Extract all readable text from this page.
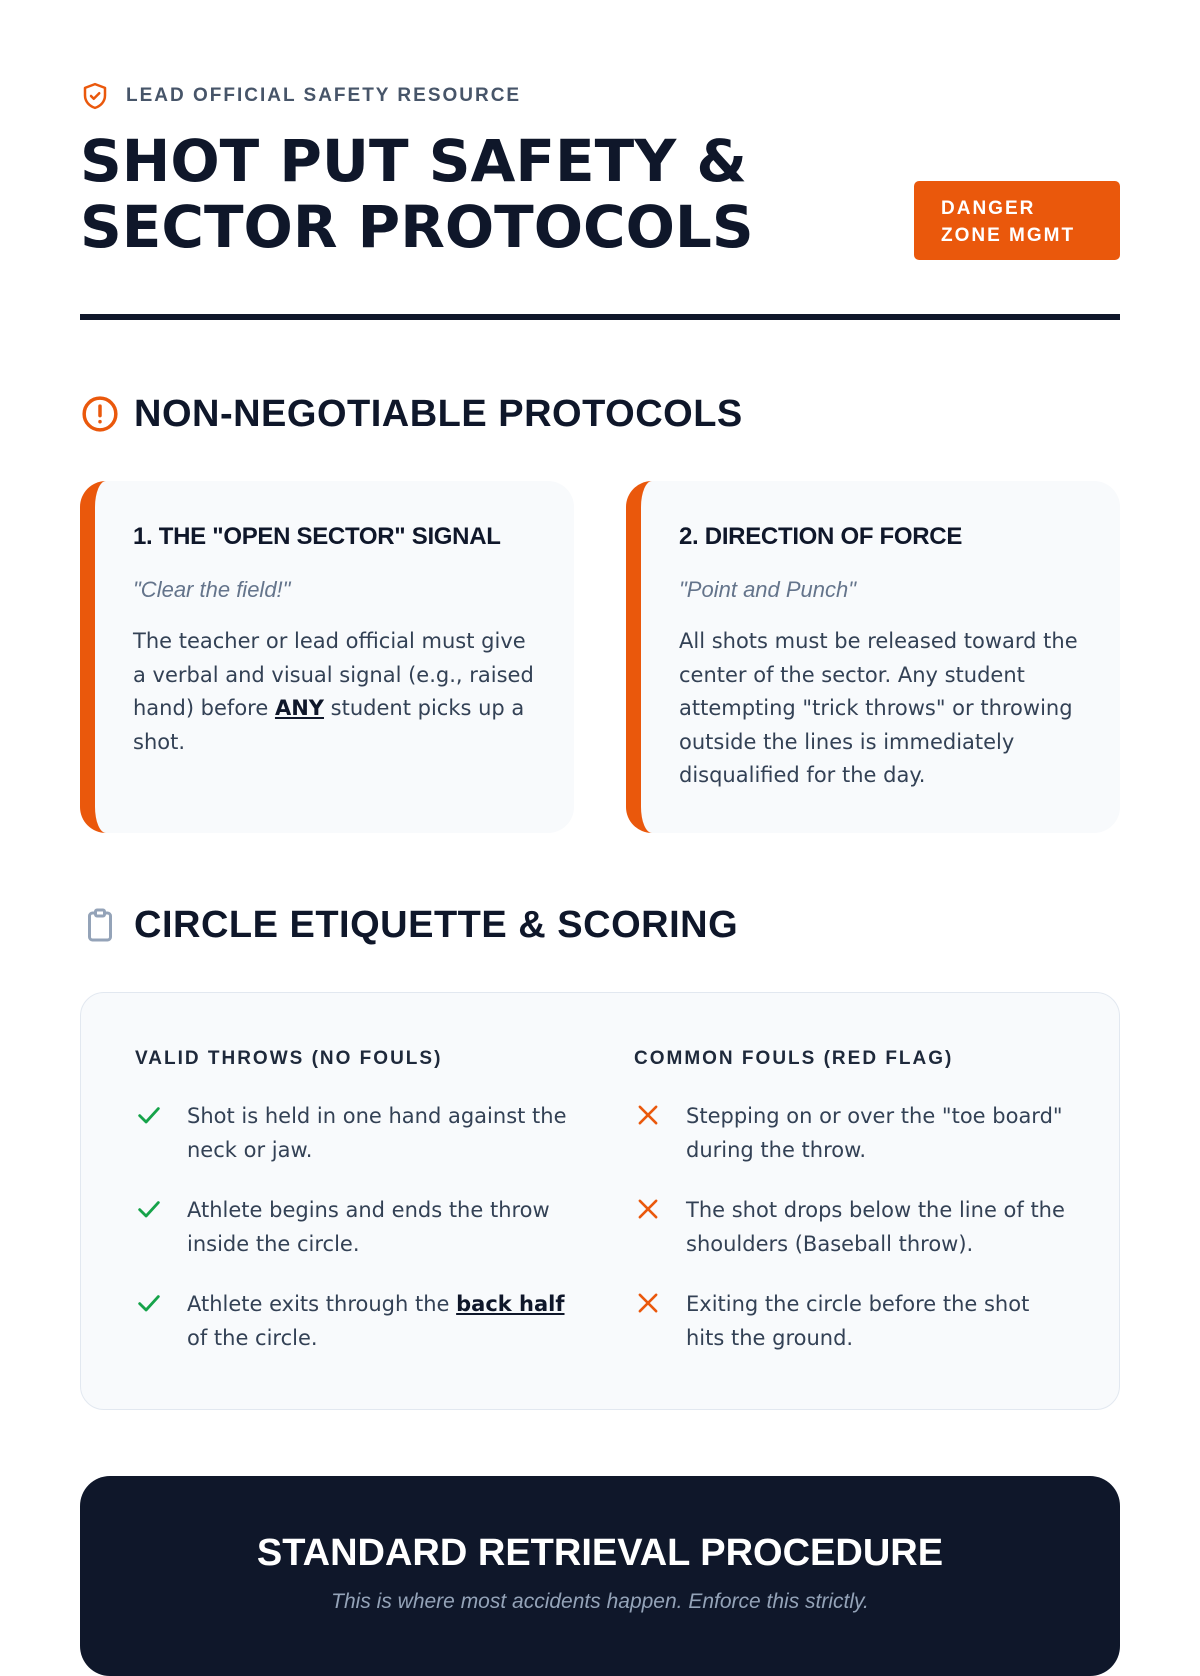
LEAD OFFICIAL SAFETY RESOURCE
SHOT PUT SAFETY &
SECTOR PROTOCOLS	DANGER
ZONE MGMT
NON-NEGOTIABLE PROTOCOLS
1. THE "OPEN SECTOR" SIGNAL
"Clear the field!"
The teacher or lead official must give a verbal and visual signal (e.g., raised hand) before ANY student picks up a shot.
2. DIRECTION OF FORCE
"Point and Punch"
All shots must be released toward the center of the sector. Any student attempting "trick throws" or throwing outside the lines is immediately disqualified for the day.
CIRCLE ETIQUETTE & SCORING
VALID THROWS (NO FOULS)
Shot is held in one hand against the neck or jaw.
Athlete begins and ends the throw inside the circle.
Athlete exits through the back half of the circle.
COMMON FOULS (RED FLAG)
Stepping on or over the "toe board" during the throw.
The shot drops below the line of the shoulders (Baseball throw).
Exiting the circle before the shot hits the ground.
STANDARD RETRIEVAL PROCEDURE
This is where most accidents happen. Enforce this strictly.
